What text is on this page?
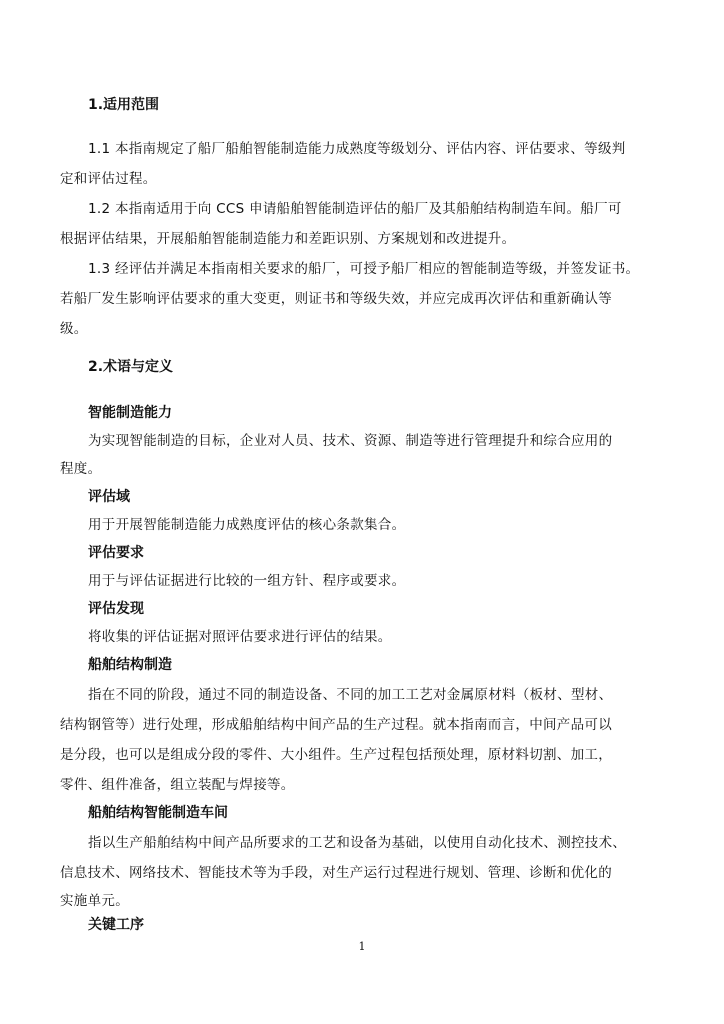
1.适用范围
1.1 本指南规定了船厂船舶智能制造能力成熟度等级划分、评估内容、评估要求、等级判
定和评估过程。
1.2 本指南适用于向 CCS 申请船舶智能制造评估的船厂及其船舶结构制造车间。船厂可
根据评估结果，开展船舶智能制造能力和差距识别、方案规划和改进提升。
1.3 经评估并满足本指南相关要求的船厂，可授予船厂相应的智能制造等级，并签发证书。
若船厂发生影响评估要求的重大变更，则证书和等级失效，并应完成再次评估和重新确认等
级。
2.术语与定义
智能制造能力
为实现智能制造的目标，企业对人员、技术、资源、制造等进行管理提升和综合应用的
程度。
评估域
用于开展智能制造能力成熟度评估的核心条款集合。
评估要求
用于与评估证据进行比较的一组方针、程序或要求。
评估发现
将收集的评估证据对照评估要求进行评估的结果。
船舶结构制造
指在不同的阶段，通过不同的制造设备、不同的加工工艺对金属原材料（板材、型材、
结构钢管等）进行处理，形成船舶结构中间产品的生产过程。就本指南而言，中间产品可以
是分段，也可以是组成分段的零件、大小组件。生产过程包括预处理，原材料切割、加工，
零件、组件准备，组立装配与焊接等。
船舶结构智能制造车间
指以生产船舶结构中间产品所要求的工艺和设备为基础，以使用自动化技术、测控技术、
信息技术、网络技术、智能技术等为手段，对生产运行过程进行规划、管理、诊断和优化的
实施单元。
关键工序
1
